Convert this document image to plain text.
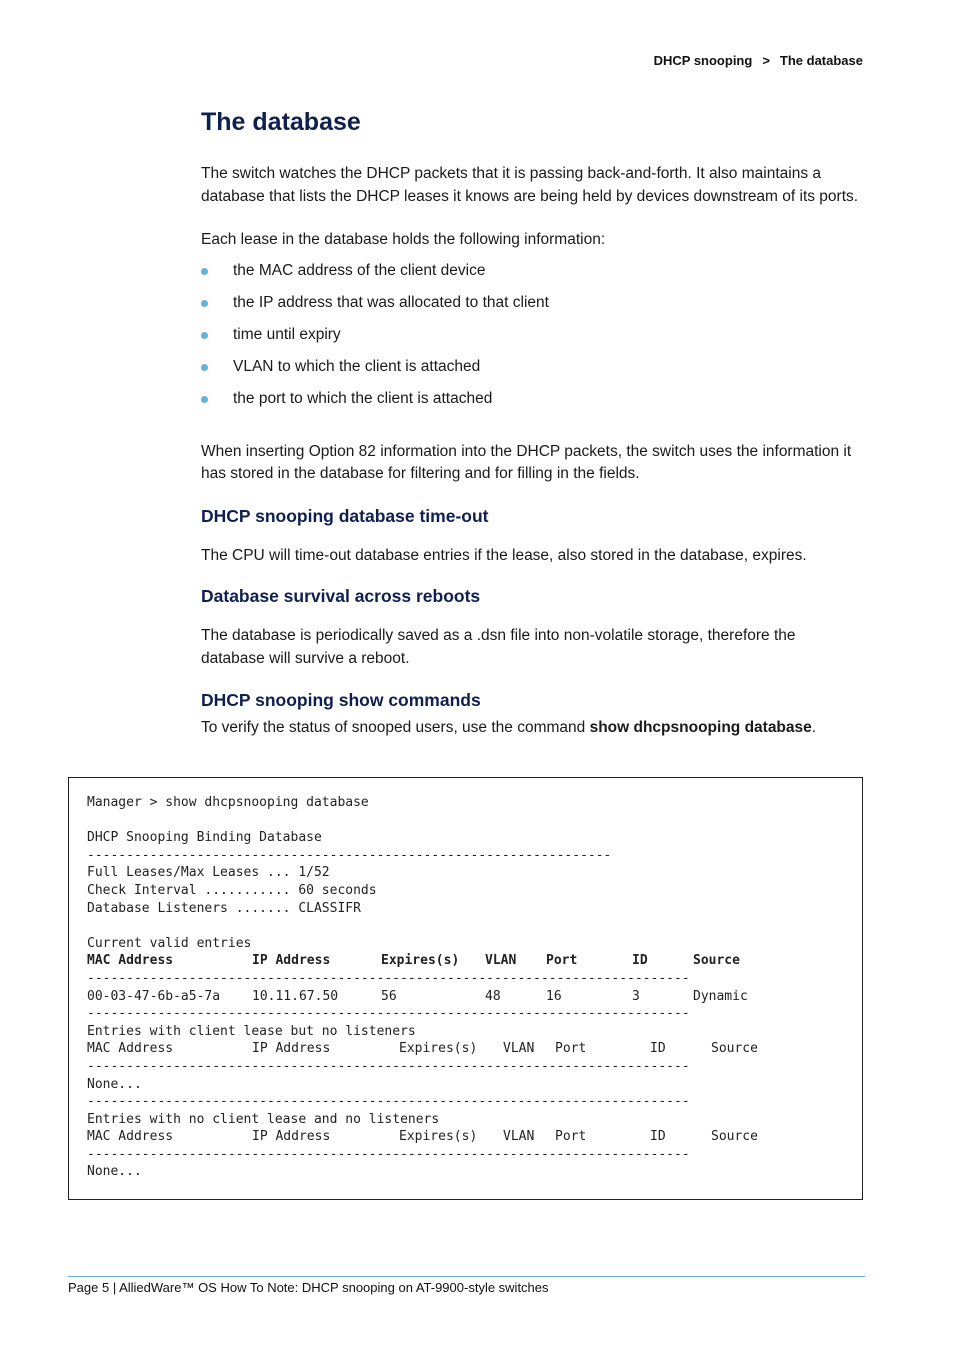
DHCP snooping > The database
The database

The switch watches the DHCP packets that it is passing back-and-forth. It also maintains a database that lists the DHCP leases it knows are being held by devices downstream of its ports.

Each lease in the database holds the following information:

the MAC address of the client device
the IP address that was allocated to that client
time until expiry
VLAN to which the client is attached
the port to which the client is attached

When inserting Option 82 information into the DHCP packets, the switch uses the information it has stored in the database for filtering and for filling in the fields.

DHCP snooping database time-out

The CPU will time-out database entries if the lease, also stored in the database, expires.

Database survival across reboots

The database is periodically saved as a .dsn file into non-volatile storage, therefore the database will survive a reboot.

DHCP snooping show commands

To verify the status of snooped users, use the command show dhcpsnooping database.

Manager > show dhcpsnooping database

DHCP Snooping Binding Database
-------------------------------------------------------------------
Full Leases/Max Leases ... 1/52
Check Interval ........... 60 seconds
Database Listeners ....... CLASSIFR

Current valid entries
MAC Address	IP Address	Expires(s) VLAN Port	ID	Source
-----------------------------------------------------------------------------
00-03-47-6b-a5-7a 10.11.67.50	56	48	16	3	Dynamic
-----------------------------------------------------------------------------
Entries with client lease but no listeners
MAC Address	IP Address	Expires(s) VLAN Port	ID	Source
-----------------------------------------------------------------------------
None...
-----------------------------------------------------------------------------
Entries with no client lease and no listeners
MAC Address	IP Address	Expires(s) VLAN Port	ID	Source
-----------------------------------------------------------------------------
None...
Page 5 | AlliedWare™ OS How To Note: DHCP snooping on AT-9900-style switches
